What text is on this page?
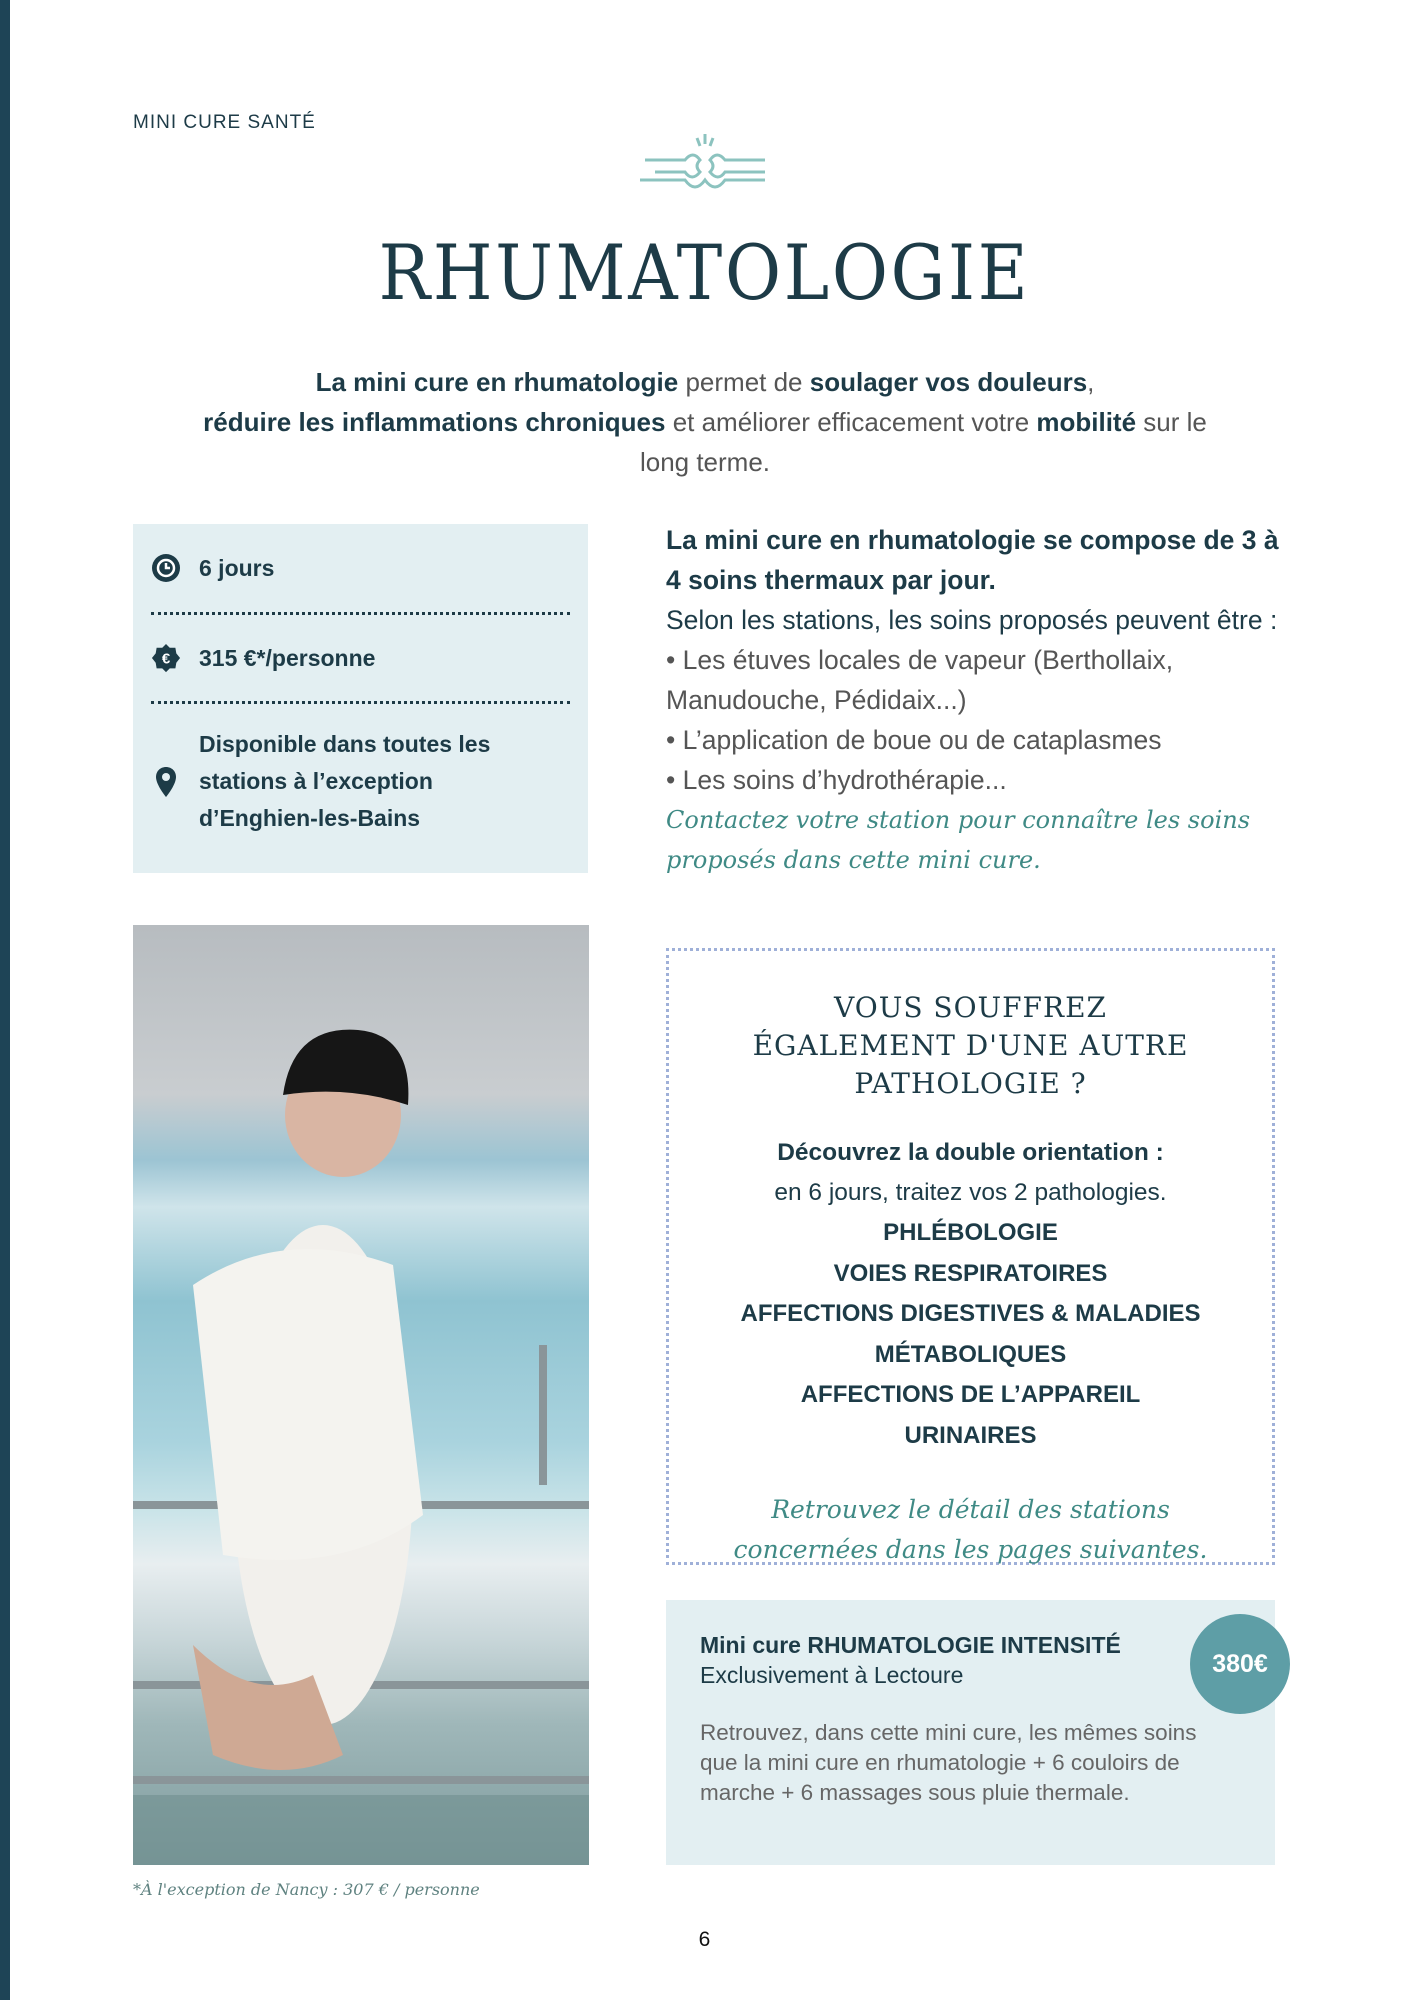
MINI CURE SANTÉ
RHUMATOLOGIE

La mini cure en rhumatologie permet de soulager vos douleurs,
réduire les inflammations chroniques et améliorer efficacement votre mobilité sur le long terme.

6 jours
€ 315 €*/personne
Disponible dans toutes les stations à l’exception d’Enghien-les-Bains

La mini cure en rhumatologie se compose de 3 à 4 soins thermaux par jour.

Selon les stations, les soins proposés peuvent être :

• Les étuves locales de vapeur (Berthollaix, Manudouche, Pédidaix...)

• L’application de boue ou de cataplasmes

• Les soins d’hydrothérapie...

Contactez votre station pour connaître les soins proposés dans cette mini cure.

VOUS SOUFFREZ ÉGALEMENT D'UNE AUTRE PATHOLOGIE ?
Découvrez la double orientation :
en 6 jours, traitez vos 2 pathologies.
PHLÉBOLOGIE
VOIES RESPIRATOIRES
AFFECTIONS DIGESTIVES & MALADIES MÉTABOLIQUES
AFFECTIONS DE L’APPAREIL URINAIRES

Retrouvez le détail des stations concernées dans les pages suivantes.

Mini cure RHUMATOLOGIE INTENSITÉ
Exclusivement à Lectoure
Retrouvez, dans cette mini cure, les mêmes soins que la mini cure en rhumatologie + 6 couloirs de marche + 6 massages sous pluie thermale.
380€
*À l'exception de Nancy : 307 € / personne
6
